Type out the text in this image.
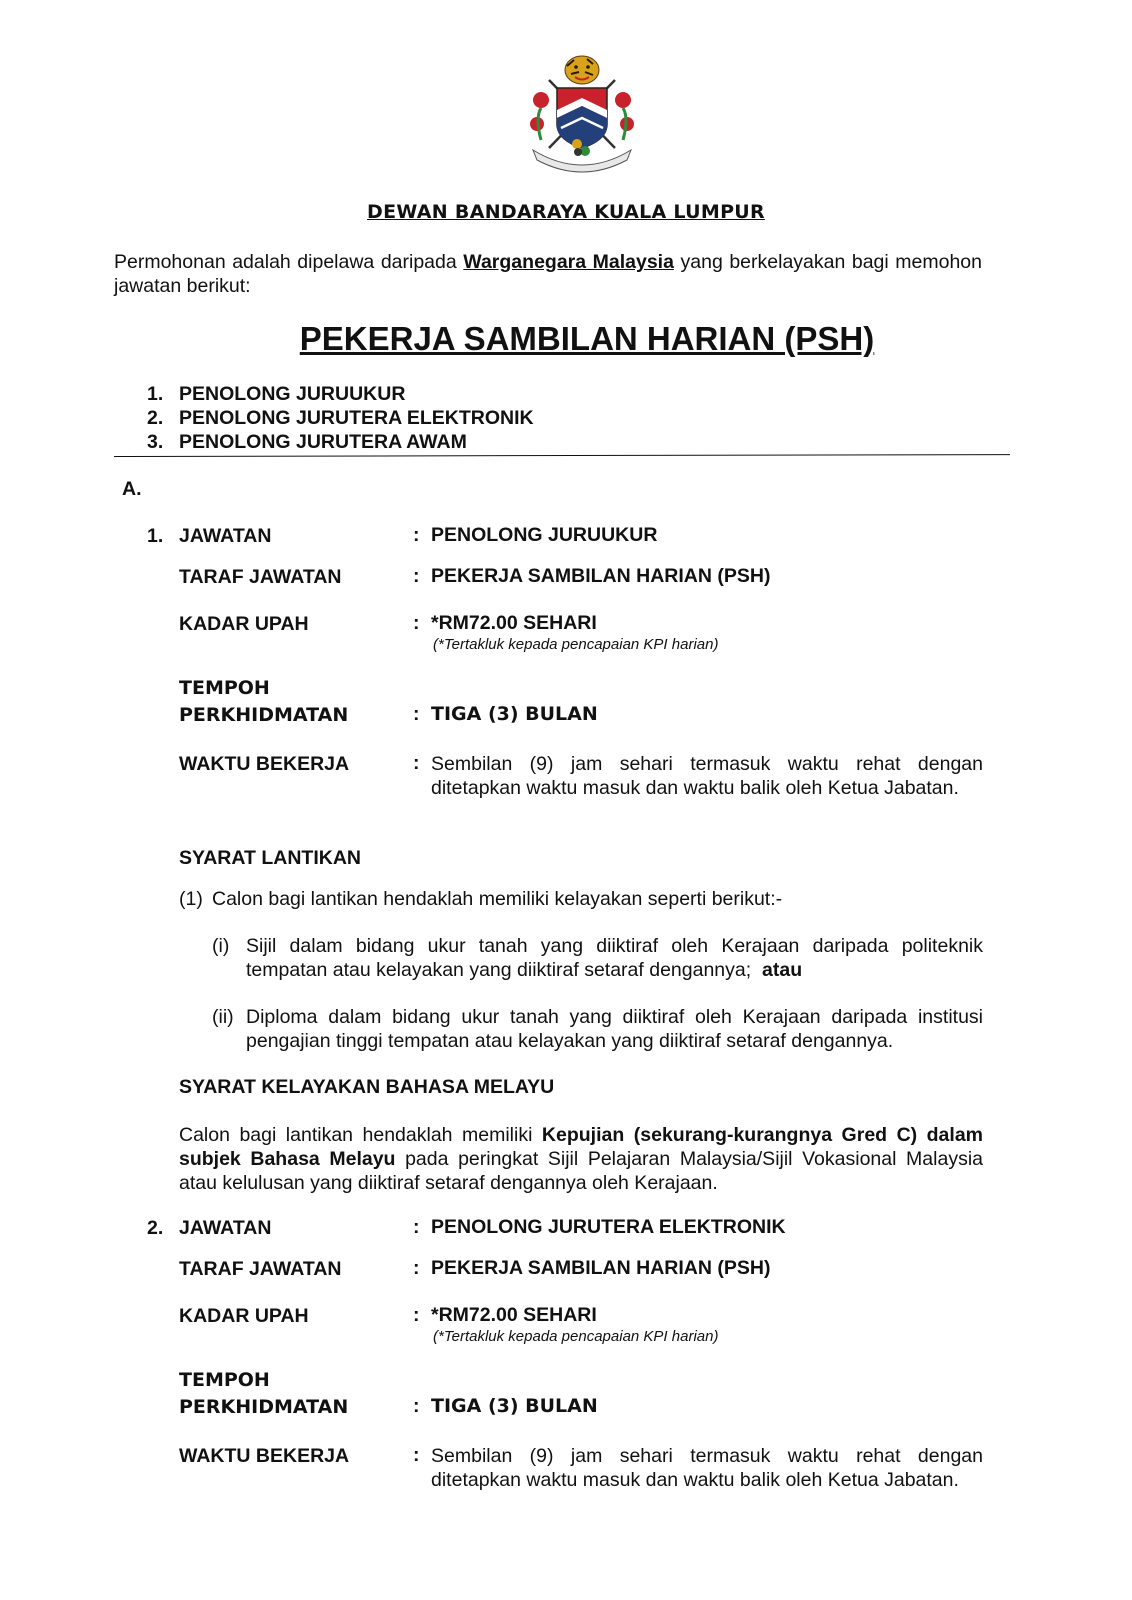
DEWAN BANDARAYA KUALA LUMPUR
Permohonan adalah dipelawa daripada Warganegara Malaysia yang berkelayakan bagi memohon jawatan berikut:
PEKERJA SAMBILAN HARIAN (PSH)
1. PENOLONG JURUUKUR
2. PENOLONG JURUTERA ELEKTRONIK
3. PENOLONG JURUTERA AWAM
A.
1. JAWATAN	: PENOLONG JURUUKUR
TARAF JAWATAN	: PEKERJA SAMBILAN HARIAN (PSH)
KADAR UPAH	: *RM72.00 SEHARI
(*Tertakluk kepada pencapaian KPI harian)
TEMPOH
PERKHIDMATAN	: TIGA (3) BULAN
WAKTU BEKERJA	: Sembilan (9) jam sehari termasuk waktu rehat dengan ditetapkan waktu masuk dan waktu balik oleh Ketua Jabatan.
SYARAT LANTIKAN
(1) Calon bagi lantikan hendaklah memiliki kelayakan seperti berikut:-
(i) Sijil dalam bidang ukur tanah yang diiktiraf oleh Kerajaan daripada politeknik tempatan atau kelayakan yang diiktiraf setaraf dengannya; atau
(ii) Diploma dalam bidang ukur tanah yang diiktiraf oleh Kerajaan daripada institusi pengajian tinggi tempatan atau kelayakan yang diiktiraf setaraf dengannya.
SYARAT KELAYAKAN BAHASA MELAYU
Calon bagi lantikan hendaklah memiliki Kepujian (sekurang-kurangnya Gred C) dalam subjek Bahasa Melayu pada peringkat Sijil Pelajaran Malaysia/Sijil Vokasional Malaysia atau kelulusan yang diiktiraf setaraf dengannya oleh Kerajaan.
2. JAWATAN	: PENOLONG JURUTERA ELEKTRONIK
TARAF JAWATAN	: PEKERJA SAMBILAN HARIAN (PSH)
KADAR UPAH	: *RM72.00 SEHARI
(*Tertakluk kepada pencapaian KPI harian)
TEMPOH
PERKHIDMATAN	: TIGA (3) BULAN
WAKTU BEKERJA	: Sembilan (9) jam sehari termasuk waktu rehat dengan ditetapkan waktu masuk dan waktu balik oleh Ketua Jabatan.
